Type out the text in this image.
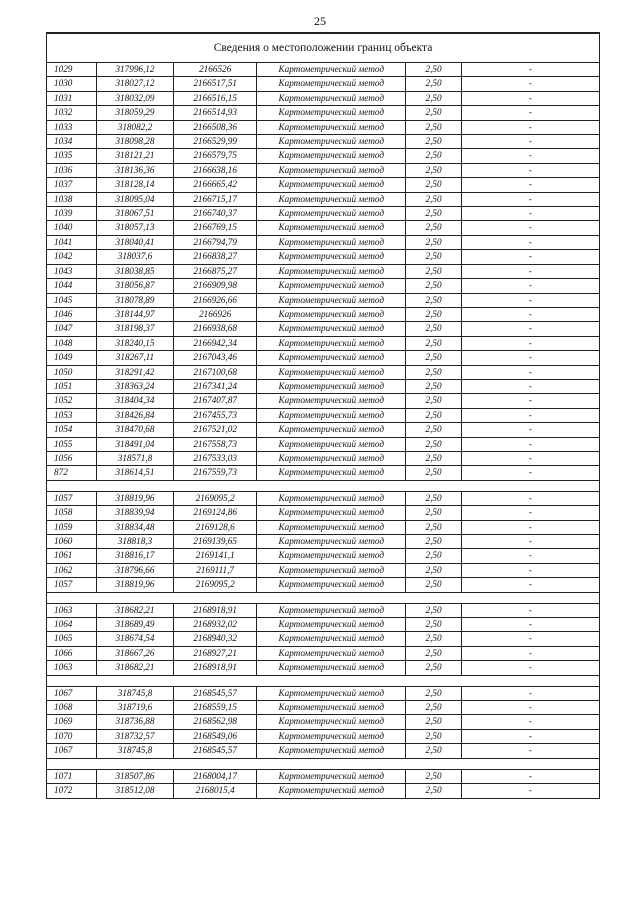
25
Сведения о местоположении границ объекта					
1029	317996,12	2166526	Картометрический метод	2,50	-
1030	318027,12	2166517,51	Картометрический метод	2,50	-
1031	318032,09	2166516,15	Картометрический метод	2,50	-
1032	318059,29	2166514,93	Картометрический метод	2,50	-
1033	318082,2	2166508,36	Картометрический метод	2,50	-
1034	318098,28	2166529,99	Картометрический метод	2,50	-
1035	318121,21	2166579,75	Картометрический метод	2,50	-
1036	318136,36	2166638,16	Картометрический метод	2,50	-
1037	318128,14	2166665,42	Картометрический метод	2,50	-
1038	318095,04	2166715,17	Картометрический метод	2,50	-
1039	318067,51	2166740,37	Картометрический метод	2,50	-
1040	318057,13	2166769,15	Картометрический метод	2,50	-
1041	318040,41	2166794,79	Картометрический метод	2,50	-
1042	318037,6	2166838,27	Картометрический метод	2,50	-
1043	318038,85	2166875,27	Картометрический метод	2,50	-
1044	318056,87	2166909,98	Картометрический метод	2,50	-
1045	318078,89	2166926,66	Картометрический метод	2,50	-
1046	318144,97	2166926	Картометрический метод	2,50	-
1047	318198,37	2166938,68	Картометрический метод	2,50	-
1048	318240,15	2166942,34	Картометрический метод	2,50	-
1049	318267,11	2167043,46	Картометрический метод	2,50	-
1050	318291,42	2167100,68	Картометрический метод	2,50	-
1051	318363,24	2167341,24	Картометрический метод	2,50	-
1052	318404,34	2167407,87	Картометрический метод	2,50	-
1053	318426,84	2167455,73	Картометрический метод	2,50	-
1054	318470,68	2167521,02	Картометрический метод	2,50	-
1055	318491,04	2167558,73	Картометрический метод	2,50	-
1056	318571,8	2167533,03	Картометрический метод	2,50	-
872	318614,51	2167559,73	Картометрический метод	2,50	-

1057	318819,96	2169095,2	Картометрический метод	2,50	-
1058	318839,94	2169124,86	Картометрический метод	2,50	-
1059	318834,48	2169128,6	Картометрический метод	2,50	-
1060	318818,3	2169139,65	Картометрический метод	2,50	-
1061	318816,17	2169141,1	Картометрический метод	2,50	-
1062	318796,66	2169111,7	Картометрический метод	2,50	-
1057	318819,96	2169095,2	Картометрический метод	2,50	-

1063	318682,21	2168918,91	Картометрический метод	2,50	-
1064	318689,49	2168932,02	Картометрический метод	2,50	-
1065	318674,54	2168940,32	Картометрический метод	2,50	-
1066	318667,26	2168927,21	Картометрический метод	2,50	-
1063	318682,21	2168918,91	Картометрический метод	2,50	-

1067	318745,8	2168545,57	Картометрический метод	2,50	-
1068	318719,6	2168559,15	Картометрический метод	2,50	-
1069	318736,88	2168562,98	Картометрический метод	2,50	-
1070	318732,57	2168549,06	Картометрический метод	2,50	-
1067	318745,8	2168545,57	Картометрический метод	2,50	-

1071	318507,86	2168004,17	Картометрический метод	2,50	-
1072	318512,08	2168015,4	Картометрический метод	2,50	-
